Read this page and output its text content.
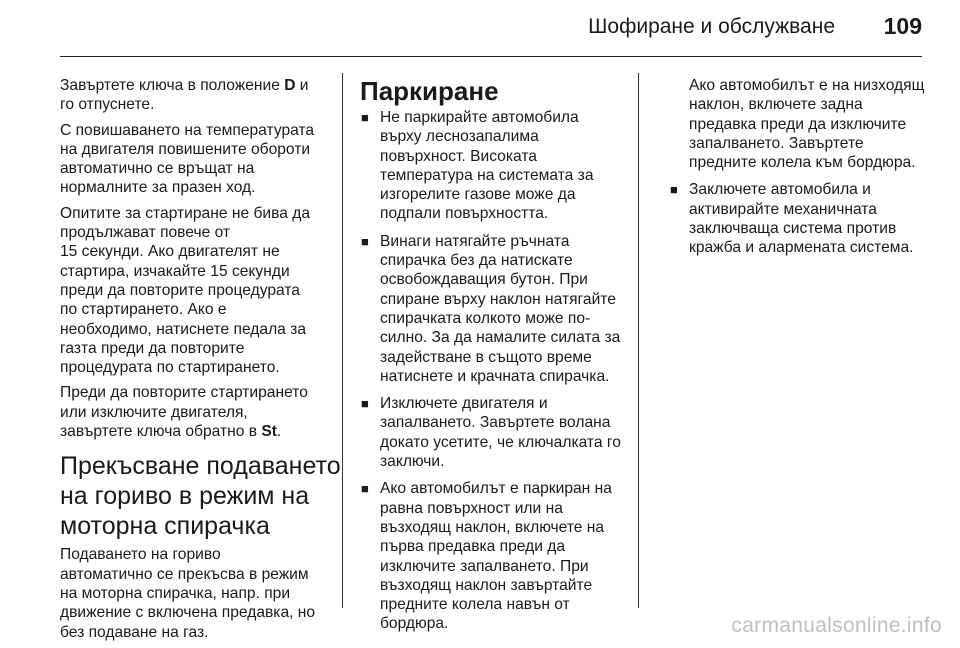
Шофиране и обслужване 109

Завъртете ключа в положение D и
го отпуснете.

С повишаването на температурата
на двигателя повишените обороти
автоматично се връщат на
нормалните за празен ход.

Опитите за стартиране не бива да
продължават повече от
15 секунди. Ако двигателят не
стартира, изчакайте 15 секунди
преди да повторите процедурата
по стартирането. Ако е
необходимо, натиснете педала за
газта преди да повторите
процедурата по стартирането.

Преди да повторите стартирането
или изключите двигателя,
завъртете ключа обратно в St.

Прекъсване подаването
на гориво в режим на
моторна спирачка

Подаването на гориво
автоматично се прекъсва в режим
на моторна спирачка, напр. при
движение с включена предавка, но
без подаване на газ.

Паркиране
■ Не паркирайте автомобила
върху леснозапалима
повърхност. Високата
температура на системата за
изгорелите газове може да
подпали повърхността.
■ Винаги натягайте ръчната
спирачка без да натискате
освобождаващия бутон. При
спиране върху наклон натягайте
спирачката колкото може по-
силно. За да намалите силата за
задействане в същото време
натиснете и крачната спирачка.
■ Изключете двигателя и
запалването. Завъртете волана
докато усетите, че ключалката го
заключи.
■ Ако автомобилът е паркиран на
равна повърхност или на
възходящ наклон, включете на
първа предавка преди да
изключите запалването. При
възходящ наклон завъртайте
предните колела навън от
бордюра.
Ако автомобилът е на низходящ
наклон, включете задна
предавка преди да изключите
запалването. Завъртете
предните колела към бордюра.
■ Заключете автомобила и
активирайте механичната
заключваща система против
кражба и алармената система.
carmanualsonline.info
